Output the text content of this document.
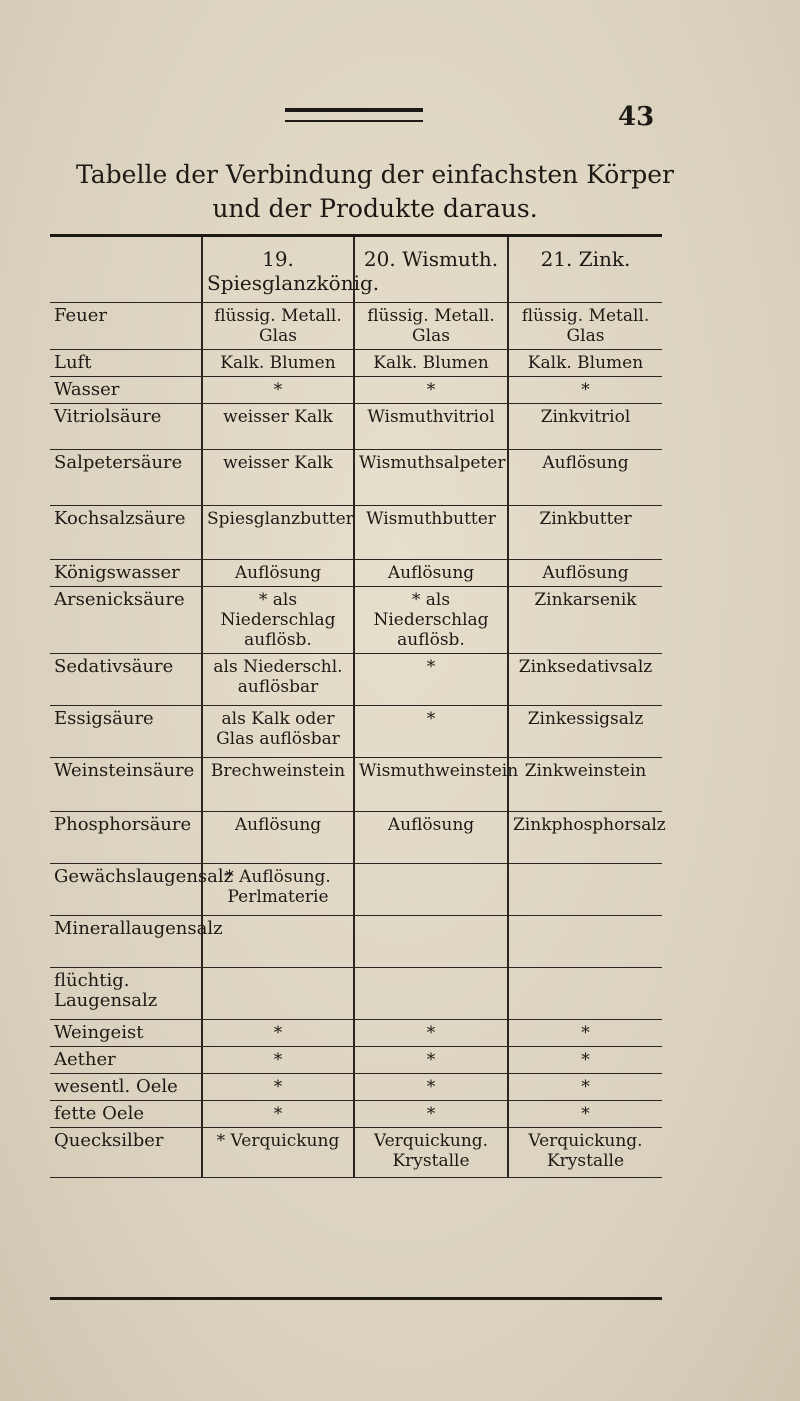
43
Tabelle der Verbindung der einfachsten Körper und der Produkte daraus.
	19. Spiesglanzkönig.	20. Wismuth.	21. Zink.
Feuer	flüssig. Metall. Glas	flüssig. Metall. Glas	flüssig. Metall. Glas
Luft	Kalk. Blumen	Kalk. Blumen	Kalk. Blumen
Wasser	*	*	*
Vitriolsäure	weisser Kalk	Wismuthvitriol	Zinkvitriol
Salpetersäure	weisser Kalk	Wismuthsalpeter	Auflösung
Kochsalzsäure	Spiesglanzbutter	Wismuthbutter	Zinkbutter
Königswasser	Auflösung	Auflösung	Auflösung
Arsenicksäure	* als Niederschlag auflösb.	* als Niederschlag auflösb.	Zinkarsenik
Sedativsäure	als Niederschl. auflösbar	*	Zinksedativsalz
Essigsäure	als Kalk oder Glas auflösbar	*	Zinkessigsalz
Weinsteinsäure	Brechweinstein	Wismuthweinstein	Zinkweinstein
Phosphorsäure	Auflösung	Auflösung	Zinkphosphorsalz
Gewächslaugensalz	* Auflösung. Perlmaterie		
Minerallaugensalz			
flüchtig. Laugensalz			
Weingeist	*	*	*
Aether	*	*	*
wesentl. Oele	*	*	*
fette Oele	*	*	*
Quecksilber	* Verquickung	Verquickung. Krystalle	Verquickung. Krystalle
